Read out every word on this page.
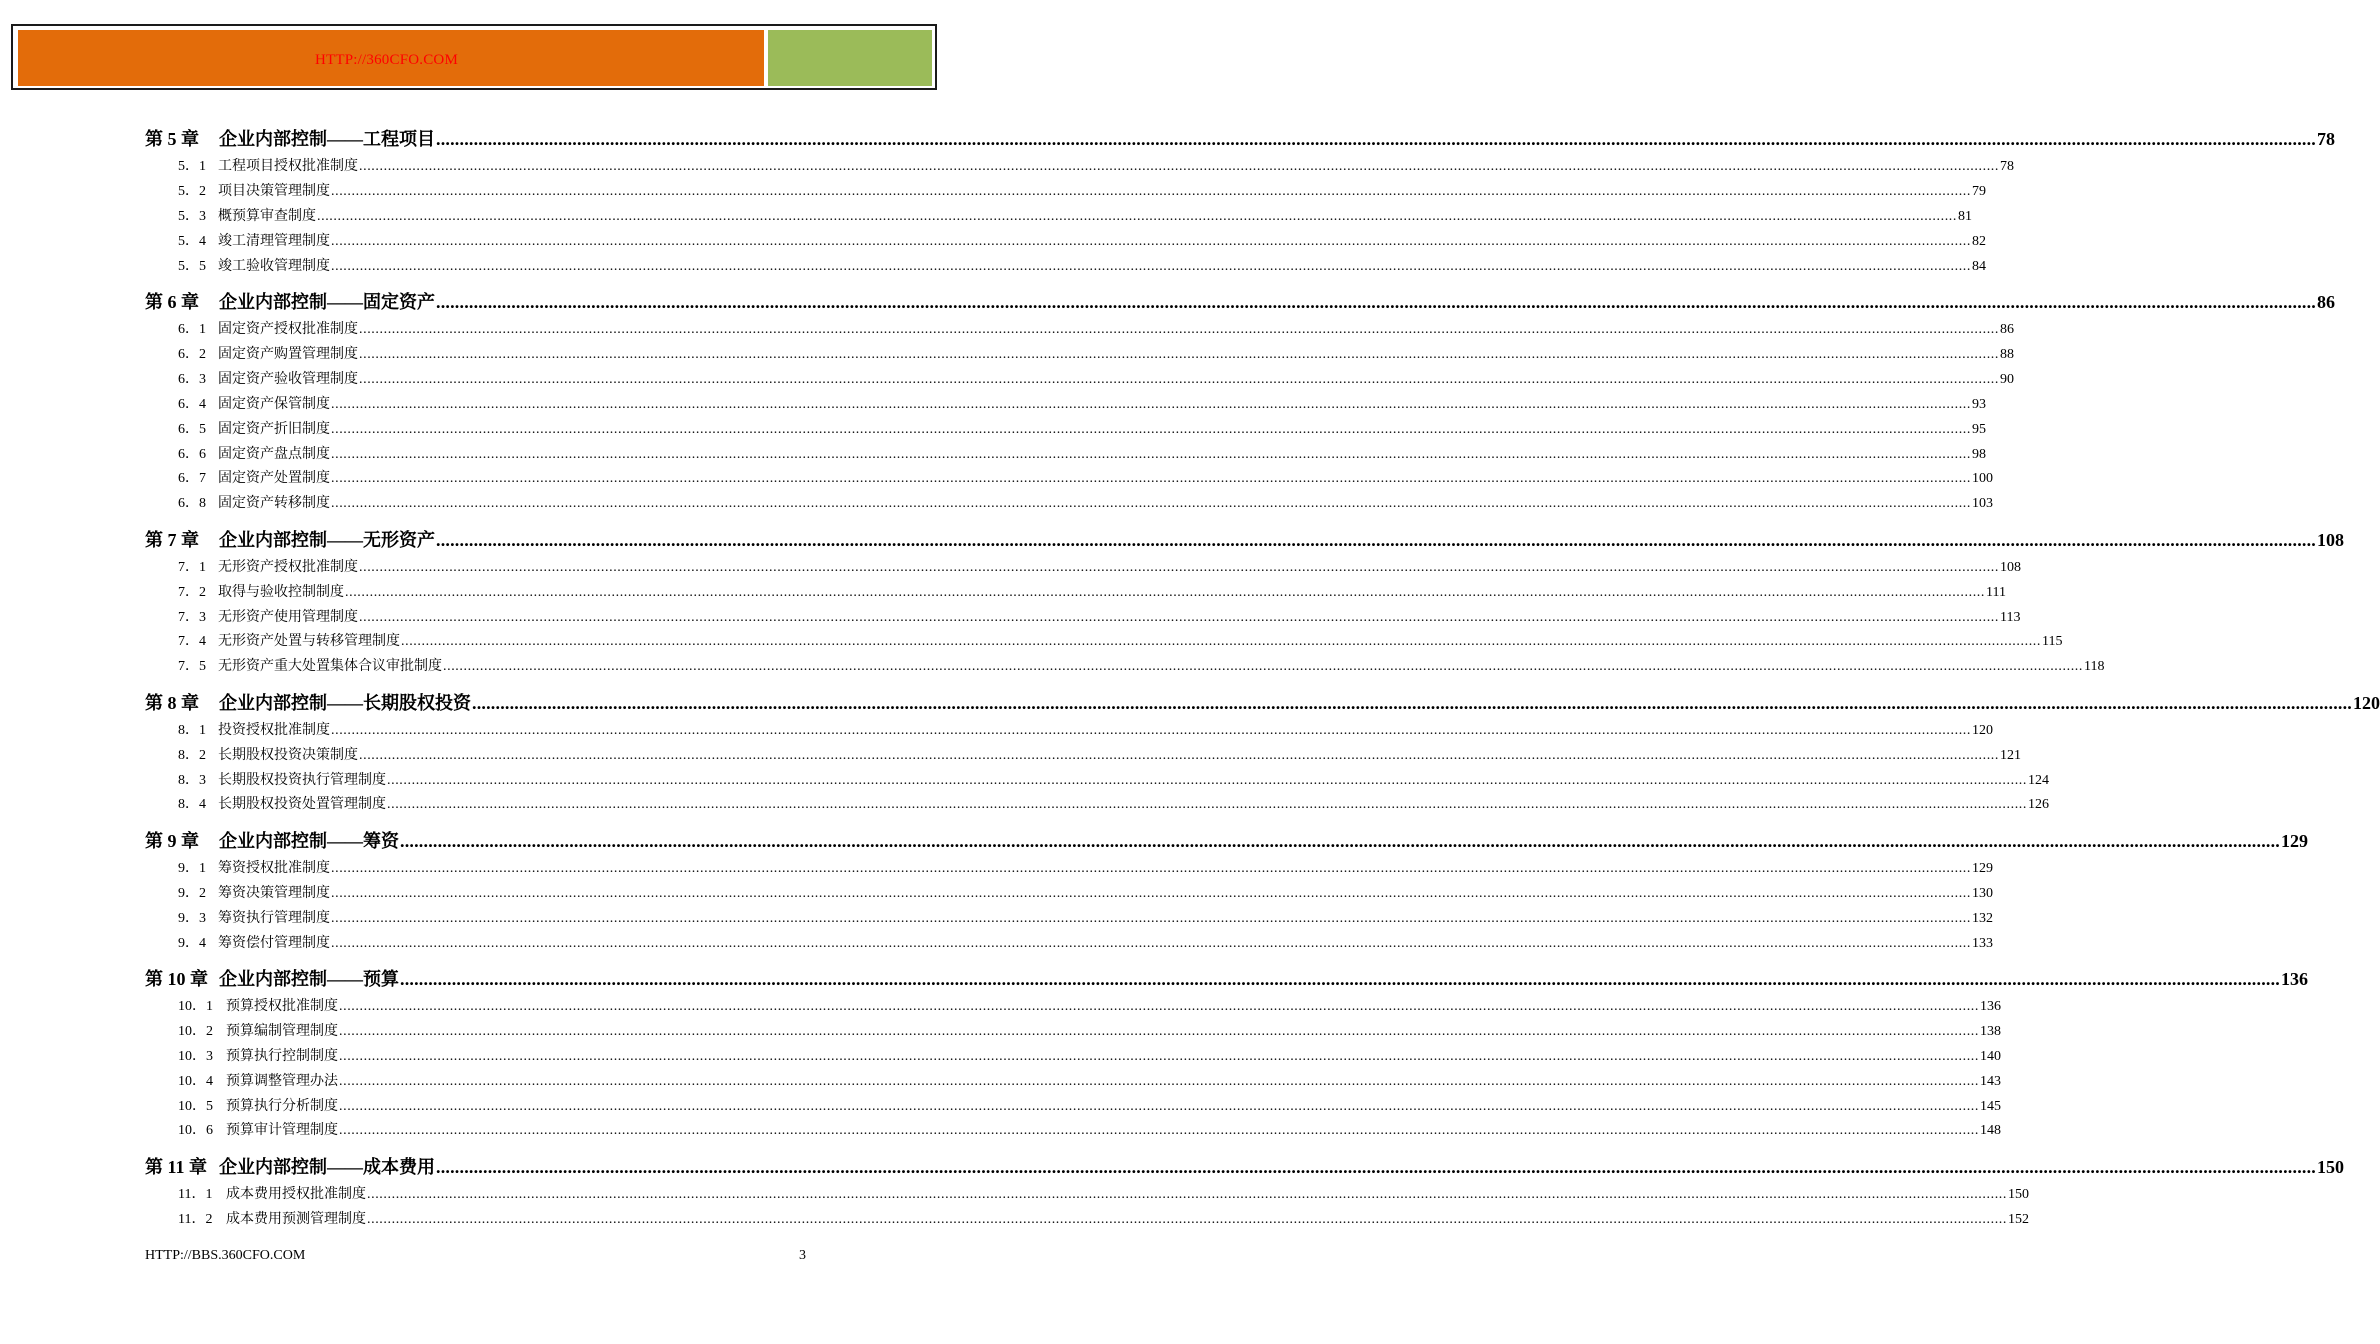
HTTP://360CFO.COM
第 5 章	企业内部控制——工程项目 ................................................................................................................................................................................................................................................................................................................................................................................................................ 78
5．1 工程项目授权批准制度 ................................................................................................................................................................................................................................................................................................................................................................................................................ 78
5．2 项目决策管理制度 ................................................................................................................................................................................................................................................................................................................................................................................................................ 79
5．3 概预算审查制度 ................................................................................................................................................................................................................................................................................................................................................................................................................ 81
5．4 竣工清理管理制度 ................................................................................................................................................................................................................................................................................................................................................................................................................ 82
5．5 竣工验收管理制度 ................................................................................................................................................................................................................................................................................................................................................................................................................ 84
第 6 章	企业内部控制——固定资产 ................................................................................................................................................................................................................................................................................................................................................................................................................ 86
6．1 固定资产授权批准制度 ................................................................................................................................................................................................................................................................................................................................................................................................................ 86
6．2 固定资产购置管理制度 ................................................................................................................................................................................................................................................................................................................................................................................................................ 88
6．3 固定资产验收管理制度 ................................................................................................................................................................................................................................................................................................................................................................................................................ 90
6．4 固定资产保管制度 ................................................................................................................................................................................................................................................................................................................................................................................................................ 93
6．5 固定资产折旧制度 ................................................................................................................................................................................................................................................................................................................................................................................................................ 95
6．6 固定资产盘点制度 ................................................................................................................................................................................................................................................................................................................................................................................................................ 98
6．7 固定资产处置制度 ................................................................................................................................................................................................................................................................................................................................................................................................................ 100
6．8 固定资产转移制度 ................................................................................................................................................................................................................................................................................................................................................................................................................ 103
第 7 章	企业内部控制——无形资产 ................................................................................................................................................................................................................................................................................................................................................................................................................ 108
7．1 无形资产授权批准制度 ................................................................................................................................................................................................................................................................................................................................................................................................................ 108
7．2 取得与验收控制制度 ................................................................................................................................................................................................................................................................................................................................................................................................................ 111
7．3 无形资产使用管理制度 ................................................................................................................................................................................................................................................................................................................................................................................................................ 113
7．4 无形资产处置与转移管理制度 ................................................................................................................................................................................................................................................................................................................................................................................................................ 115
7．5 无形资产重大处置集体合议审批制度 ................................................................................................................................................................................................................................................................................................................................................................................................................ 118
第 8 章	企业内部控制——长期股权投资 ................................................................................................................................................................................................................................................................................................................................................................................................................ 120
8．1 投资授权批准制度 ................................................................................................................................................................................................................................................................................................................................................................................................................ 120
8．2 长期股权投资决策制度 ................................................................................................................................................................................................................................................................................................................................................................................................................ 121
8．3 长期股权投资执行管理制度 ................................................................................................................................................................................................................................................................................................................................................................................................................ 124
8．4 长期股权投资处置管理制度 ................................................................................................................................................................................................................................................................................................................................................................................................................ 126
第 9 章	企业内部控制——筹资 ................................................................................................................................................................................................................................................................................................................................................................................................................ 129
9．1 筹资授权批准制度 ................................................................................................................................................................................................................................................................................................................................................................................................................ 129
9．2 筹资决策管理制度 ................................................................................................................................................................................................................................................................................................................................................................................................................ 130
9．3 筹资执行管理制度 ................................................................................................................................................................................................................................................................................................................................................................................................................ 132
9．4 筹资偿付管理制度 ................................................................................................................................................................................................................................................................................................................................................................................................................ 133
第 10 章 企业内部控制——预算 ................................................................................................................................................................................................................................................................................................................................................................................................................ 136
10．1 预算授权批准制度 ................................................................................................................................................................................................................................................................................................................................................................................................................ 136
10．2 预算编制管理制度 ................................................................................................................................................................................................................................................................................................................................................................................................................ 138
10．3 预算执行控制制度 ................................................................................................................................................................................................................................................................................................................................................................................................................ 140
10．4 预算调整管理办法 ................................................................................................................................................................................................................................................................................................................................................................................................................ 143
10．5 预算执行分析制度 ................................................................................................................................................................................................................................................................................................................................................................................................................ 145
10．6 预算审计管理制度 ................................................................................................................................................................................................................................................................................................................................................................................................................ 148
第 11 章 企业内部控制——成本费用 ................................................................................................................................................................................................................................................................................................................................................................................................................ 150
11．1 成本费用授权批准制度 ................................................................................................................................................................................................................................................................................................................................................................................................................ 150
11．2 成本费用预测管理制度 ................................................................................................................................................................................................................................................................................................................................................................................................................ 152
HTTP://BBS.360CFO.COM	3
